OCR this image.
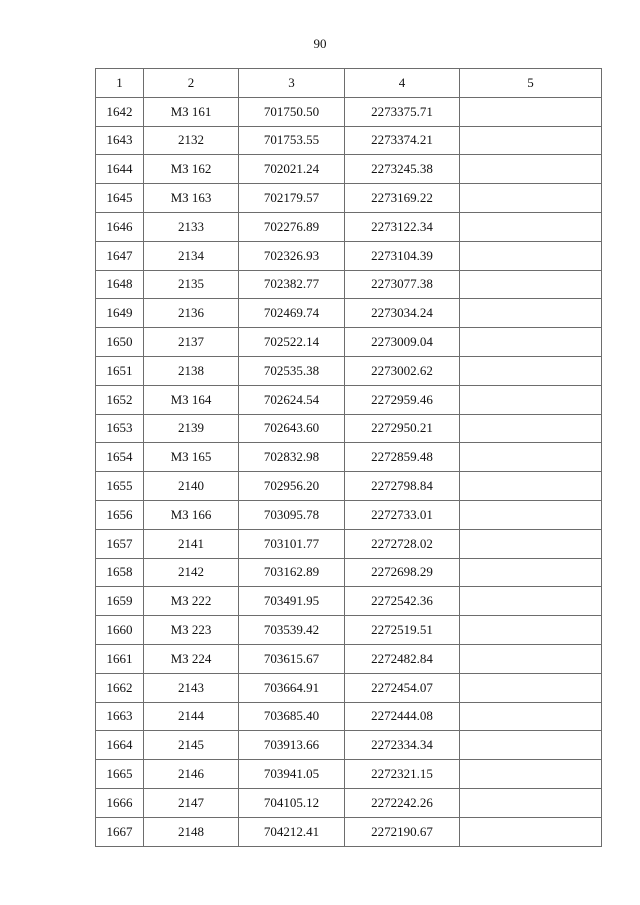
90
1	2	3	4	5
1642	МЗ 161	701750.50	2273375.71	
1643	2132	701753.55	2273374.21	
1644	МЗ 162	702021.24	2273245.38	
1645	МЗ 163	702179.57	2273169.22	
1646	2133	702276.89	2273122.34	
1647	2134	702326.93	2273104.39	
1648	2135	702382.77	2273077.38	
1649	2136	702469.74	2273034.24	
1650	2137	702522.14	2273009.04	
1651	2138	702535.38	2273002.62	
1652	МЗ 164	702624.54	2272959.46	
1653	2139	702643.60	2272950.21	
1654	МЗ 165	702832.98	2272859.48	
1655	2140	702956.20	2272798.84	
1656	МЗ 166	703095.78	2272733.01	
1657	2141	703101.77	2272728.02	
1658	2142	703162.89	2272698.29	
1659	МЗ 222	703491.95	2272542.36	
1660	МЗ 223	703539.42	2272519.51	
1661	МЗ 224	703615.67	2272482.84	
1662	2143	703664.91	2272454.07	
1663	2144	703685.40	2272444.08	
1664	2145	703913.66	2272334.34	
1665	2146	703941.05	2272321.15	
1666	2147	704105.12	2272242.26	
1667	2148	704212.41	2272190.67	
